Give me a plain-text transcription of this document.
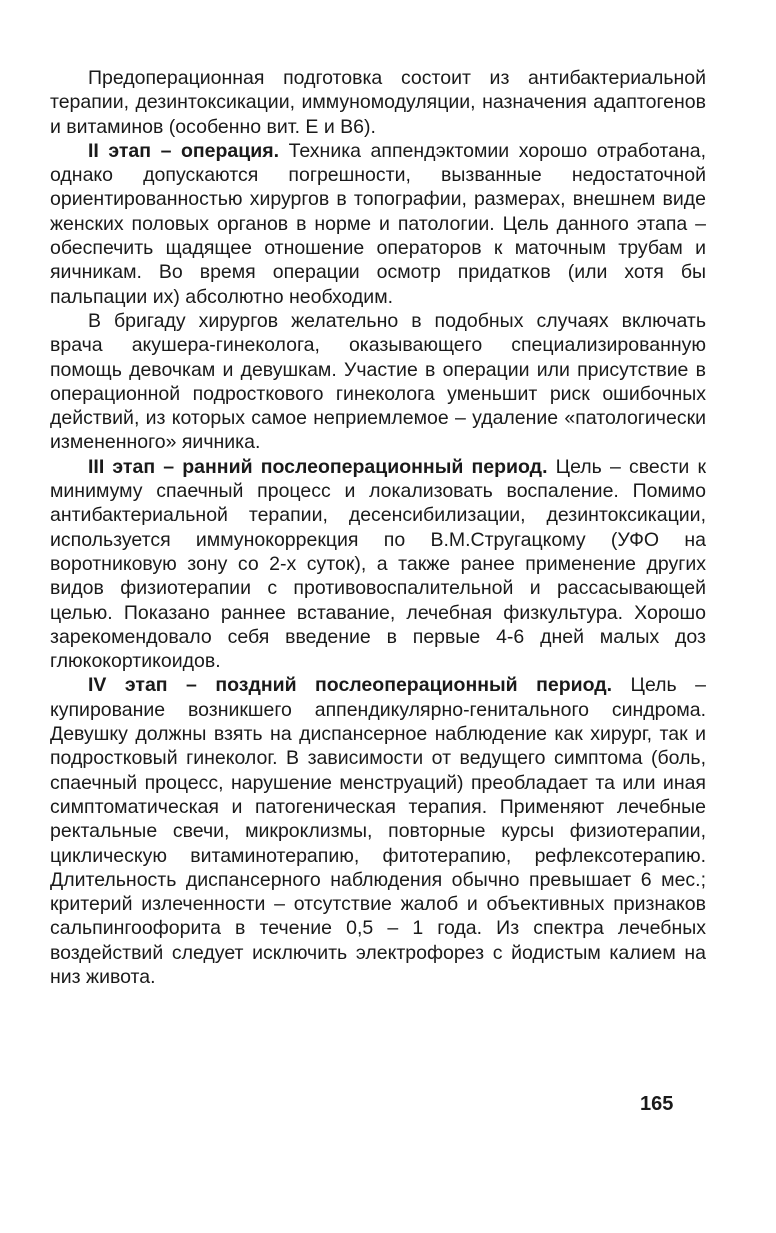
Предоперационная подготовка состоит из антибактериальной терапии, дезинтоксикации, иммуномодуляции, назначения адаптогенов и витаминов (особенно вит. Е и В6).

II этап – операция. Техника аппендэктомии хорошо отработана, однако допускаются погрешности, вызванные недостаточной ориентированностью хирургов в топографии, размерах, внешнем виде женских половых органов в норме и патологии. Цель данного этапа – обеспечить щадящее отношение операторов к маточным трубам и яичникам. Во время операции осмотр придатков (или хотя бы пальпации их) абсолютно необходим.

В бригаду хирургов желательно в подобных случаях включать врача акушера-гинеколога, оказывающего специализированную помощь девочкам и девушкам. Участие в операции или присутствие в операционной подросткового гинеколога уменьшит риск ошибочных действий, из которых самое неприемлемое – удаление «патологически измененного» яичника.

III этап – ранний послеоперационный период. Цель – свести к минимуму спаечный процесс и локализовать воспаление. Помимо антибактериальной терапии, десенсибилизации, дезинтоксикации, используется иммунокоррекция по В.М.Стругацкому (УФО на воротниковую зону со 2-х суток), а также ранее применение других видов физиотерапии с противовоспалительной и рассасывающей целью. Показано раннее вставание, лечебная физкультура. Хорошо зарекомендовало себя введение в первые 4-6 дней малых доз глюкокортикоидов.

IV этап – поздний послеоперационный период. Цель – купирование возникшего аппендикулярно-генитального синдрома. Девушку должны взять на диспансерное наблюдение как хирург, так и подростковый гинеколог. В зависимости от ведущего симптома (боль, спаечный процесс, нарушение менструаций) преобладает та или иная симптоматическая и патогеническая терапия. Применяют лечебные ректальные свечи, микроклизмы, повторные курсы физиотерапии, циклическую витаминотерапию, фитотерапию, рефлексотерапию. Длительность диспансерного наблюдения обычно превышает 6 мес.; критерий излеченности – отсутствие жалоб и объективных признаков сальпингоофорита в течение 0,5 – 1 года. Из спектра лечебных воздействий следует исключить электрофорез с йодистым калием на низ живота.

165
